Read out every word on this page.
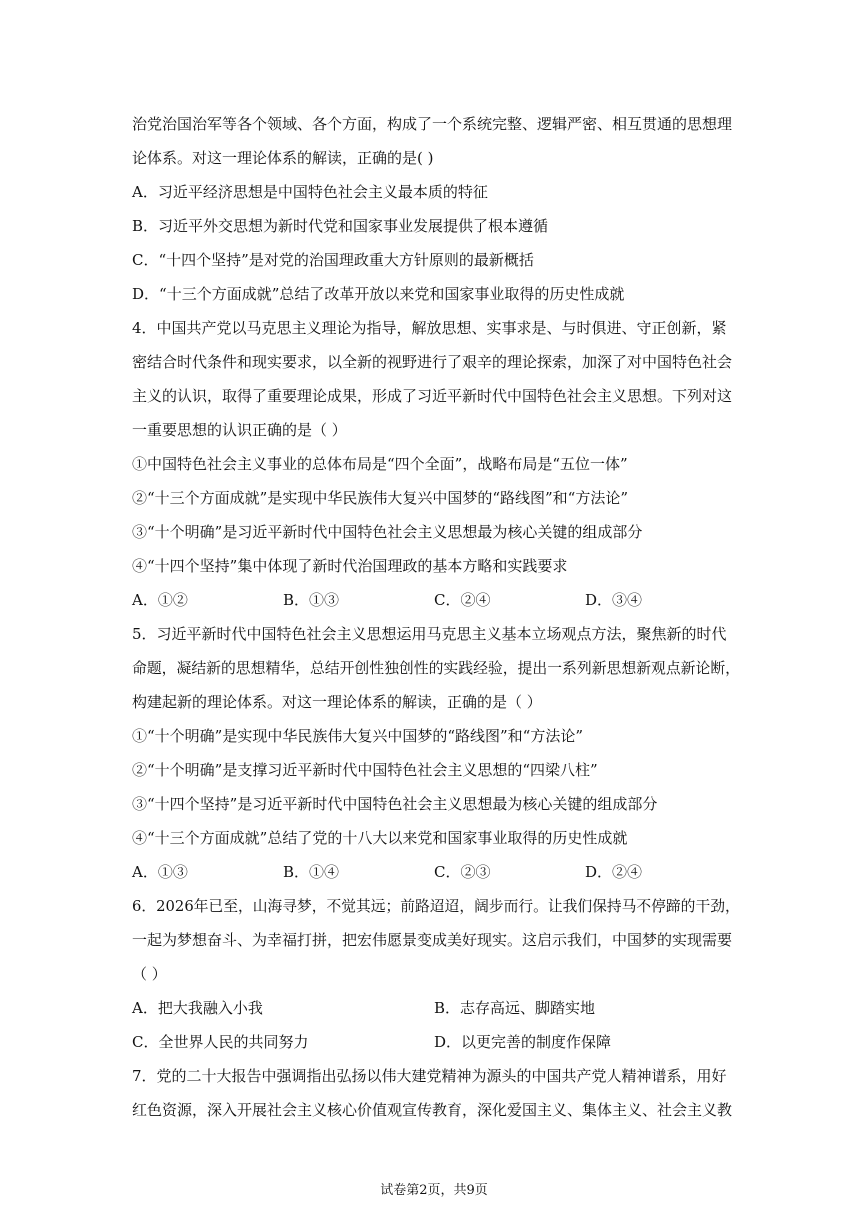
治党治国治军等各个领域、各个方面，构成了一个系统完整、逻辑严密、相互贯通的思想理
论体系。对这一理论体系的解读，正确的是( )
A．习近平经济思想是中国特色社会主义最本质的特征
B．习近平外交思想为新时代党和国家事业发展提供了根本遵循
C．“十四个坚持”是对党的治国理政重大方针原则的最新概括
D．“十三个方面成就”总结了改革开放以来党和国家事业取得的历史性成就
4．中国共产党以马克思主义理论为指导，解放思想、实事求是、与时俱进、守正创新，紧
密结合时代条件和现实要求，以全新的视野进行了艰辛的理论探索，加深了对中国特色社会
主义的认识，取得了重要理论成果，形成了习近平新时代中国特色社会主义思想。下列对这
一重要思想的认识正确的是（ ）
①中国特色社会主义事业的总体布局是“四个全面”，战略布局是“五位一体”
②“十三个方面成就”是实现中华民族伟大复兴中国梦的“路线图”和“方法论”
③“十个明确”是习近平新时代中国特色社会主义思想最为核心关键的组成部分
④“十四个坚持”集中体现了新时代治国理政的基本方略和实践要求
A．①②	B．①③	C．②④	D．③④
5．习近平新时代中国特色社会主义思想运用马克思主义基本立场观点方法，聚焦新的时代
命题，凝结新的思想精华，总结开创性独创性的实践经验，提出一系列新思想新观点新论断，
构建起新的理论体系。对这一理论体系的解读，正确的是（ ）
①“十个明确”是实现中华民族伟大复兴中国梦的“路线图”和“方法论”
②“十个明确”是支撑习近平新时代中国特色社会主义思想的“四梁八柱”
③“十四个坚持”是习近平新时代中国特色社会主义思想最为核心关键的组成部分
④“十三个方面成就”总结了党的十八大以来党和国家事业取得的历史性成就
A．①③	B．①④	C．②③	D．②④
6．2026年已至，山海寻梦，不觉其远；前路迢迢，阔步而行。让我们保持马不停蹄的干劲，
一起为梦想奋斗、为幸福打拼，把宏伟愿景变成美好现实。这启示我们，中国梦的实现需要
（ ）
A．把大我融入小我	B．志存高远、脚踏实地
C．全世界人民的共同努力	D．以更完善的制度作保障
7．党的二十大报告中强调指出弘扬以伟大建党精神为源头的中国共产党人精神谱系，用好
红色资源，深入开展社会主义核心价值观宣传教育，深化爱国主义、集体主义、社会主义教
试卷第2页，共9页
